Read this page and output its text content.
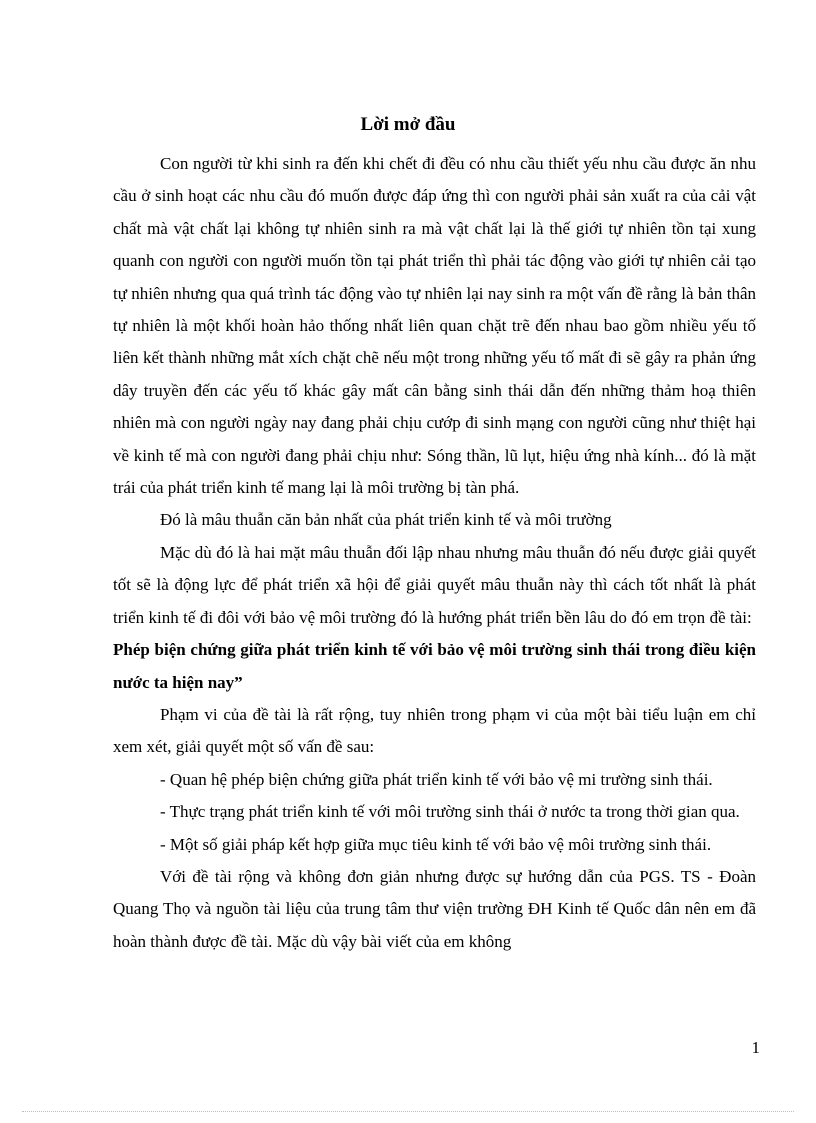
Lời mở đầu

Con người từ khi sinh ra đến khi chết đi đều có nhu cầu thiết yếu nhu cầu được ăn nhu cầu ở sinh hoạt các nhu cầu đó muốn được đáp ứng thì con người phải sản xuất ra của cải vật chất mà vật chất lại không tự nhiên sinh ra mà vật chất lại là thế giới tự nhiên tồn tại xung quanh con người con người muốn tồn tại phát triển thì phải tác động vào giới tự nhiên cải tạo tự nhiên nhưng qua quá trình tác động vào tự nhiên lại nay sinh ra một vấn đề rằng là bản thân tự nhiên là một khối hoàn hảo thống nhất liên quan chặt trẽ đến nhau bao gồm nhiều yếu tố liên kết thành những mắt xích chặt chẽ nếu một trong những yếu tố mất đi sẽ gây ra phản ứng dây truyền đến các yếu tố khác gây mất cân bằng sinh thái dẫn đến những thảm hoạ thiên nhiên mà con người ngày nay đang phải chịu cướp đi sinh mạng con người cũng như thiệt hại về kinh tế mà con người đang phải chịu như: Sóng thần, lũ lụt, hiệu ứng nhà kính... đó là mặt trái của phát triển kinh tế mang lại là môi trường bị tàn phá.

Đó là mâu thuẫn căn bản nhất của phát triển kinh tế và môi trường

Mặc dù đó là hai mặt mâu thuẫn đối lập nhau nhưng mâu thuẫn đó nếu được giải quyết tốt sẽ là động lực để phát triển xã hội để giải quyết mâu thuẫn này thì cách tốt nhất là phát triển kinh tế đi đôi với bảo vệ môi trường đó là hướng phát triển bền lâu do đó em trọn đề tài:  Phép biện chứng giữa phát triển kinh tế với bảo vệ môi trường sinh thái trong điều kiện nước ta hiện nay”

Phạm vi của đề tài là rất rộng, tuy nhiên trong phạm vi của một bài tiểu luận em chỉ xem xét, giải quyết một số vấn đề sau:

- Quan hệ phép biện chứng giữa phát triển kinh tế với bảo vệ mi trường sinh thái.

- Thực trạng phát triển kinh tế với môi trường sinh thái ở nước ta trong thời gian qua.

- Một số giải pháp kết hợp giữa mục tiêu kinh tế với bảo vệ môi trường sinh thái.

Với đề tài rộng và không đơn giản nhưng được sự hướng dẫn của PGS. TS - Đoàn Quang Thọ và nguồn tài liệu của trung tâm thư viện trường ĐH Kinh tế Quốc dân nên em đã hoàn thành được đề tài. Mặc dù vậy bài viết của em không

1
